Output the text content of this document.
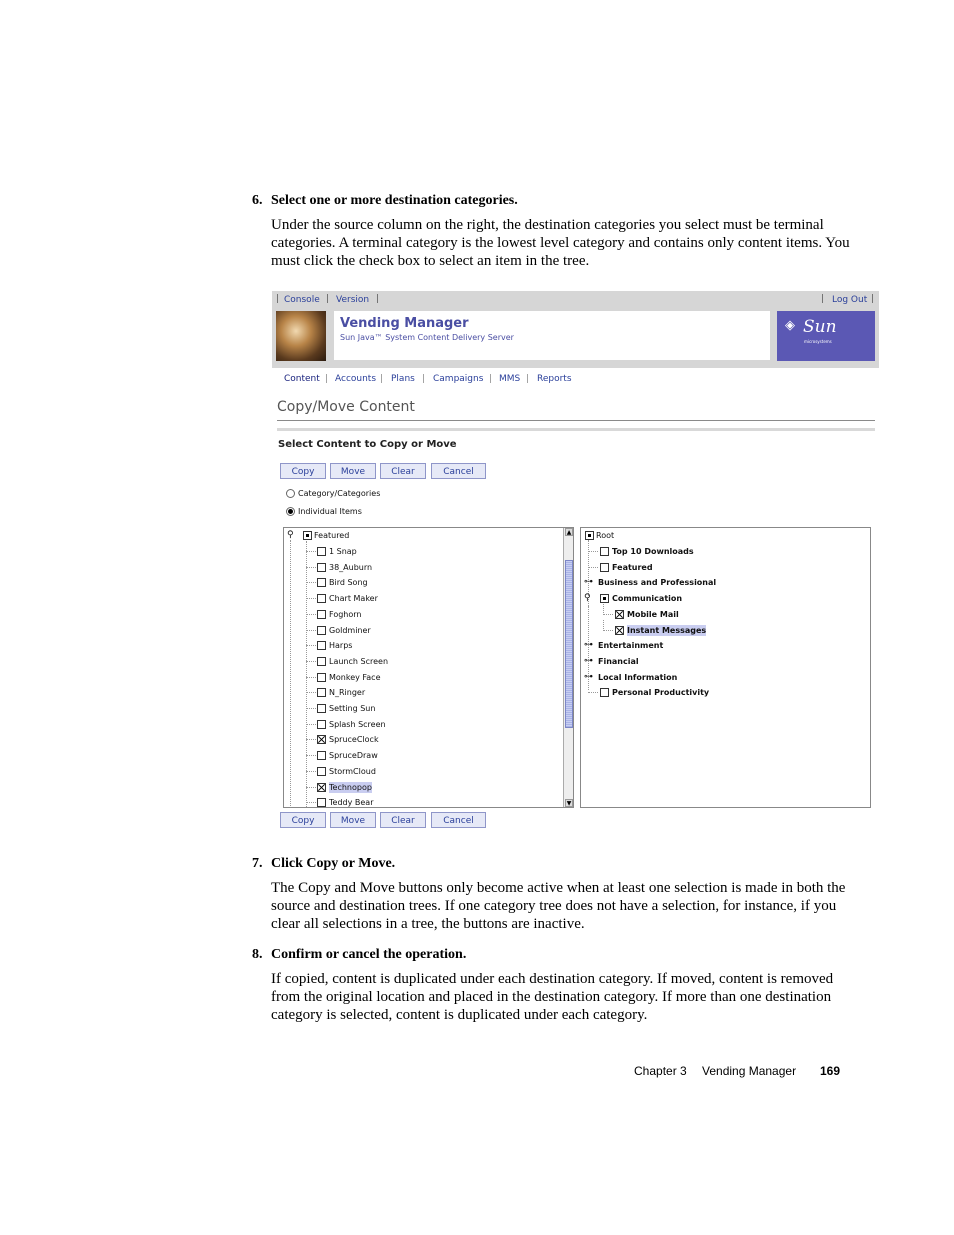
6. Select one or more destination categories.
Under the source column on the right, the destination categories you select must be terminal categories. A terminal category is the lowest level category and contains only content items. You must click the check box to select an item in the tree.
| Console | Version |	| Log Out |
Vending Manager
Sun Java™ System Content Delivery Server
◈ Sun
microsystems
Content | Accounts | Plans | Campaigns | MMS | Reports
Copy/Move Content
Select Content to Copy or Move
Copy	Move	Clear	Cancel
Category/Categories
Individual Items
⚲	Featured
1 Snap
38_Auburn
Bird Song
Chart Maker
Foghorn
Goldminer
Harps
Launch Screen
Monkey Face
N_Ringer
Setting Sun
Splash Screen
SpruceClock
SpruceDraw
StormCloud
Technopop
Teddy Bear
▲
▼
Root
Top 10 Downloads
Featured
⊶ Business and Professional
⚲	Communication
Mobile Mail
Instant Messages
⊶ Entertainment
⊶ Financial
⊶ Local Information
Personal Productivity
Copy	Move	Clear	Cancel
7. Click Copy or Move.
The Copy and Move buttons only become active when at least one selection is made in both the source and destination trees. If one category tree does not have a selection, for instance, if you clear all selections in a tree, the buttons are inactive.
8. Confirm or cancel the operation.
If copied, content is duplicated under each destination category. If moved, content is removed from the original location and placed in the destination category. If more than one destination category is selected, content is duplicated under each category.
Chapter 3 Vending Manager 169
